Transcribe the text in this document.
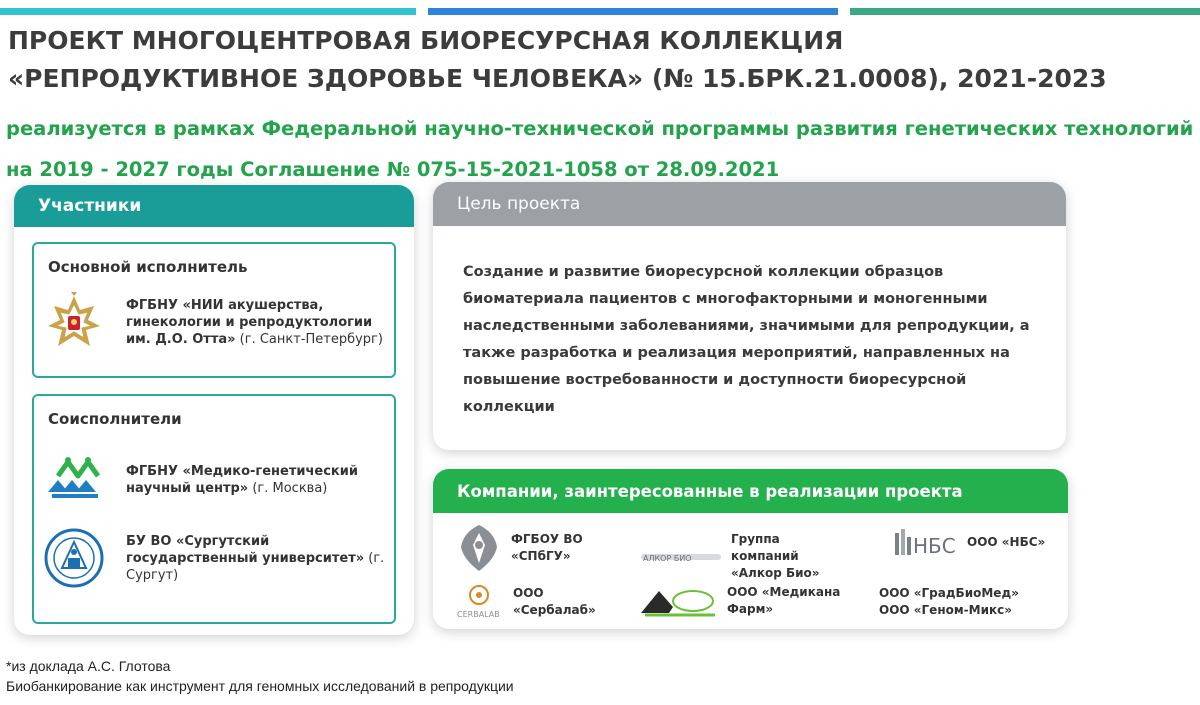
ПРОЕКТ МНОГОЦЕНТРОВАЯ БИОРЕСУРСНАЯ КОЛЛЕКЦИЯ «РЕПРОДУКТИВНОЕ ЗДОРОВЬЕ ЧЕЛОВЕКА» (№ 15.БРК.21.0008), 2021-2023
реализуется в рамках Федеральной научно-технической программы развития генетических технологий на 2019 - 2027 годы Соглашение № 075-15-2021-1058 от 28.09.2021
Участники
Основной исполнитель
ФГБНУ «НИИ акушерства, гинекологии и репродуктологии им. Д.О. Отта» (г. Санкт-Петербург)
Соисполнители
ФГБНУ «Медико-генетический научный центр» (г. Москва)
БУ ВО «Сургутский государственный университет» (г. Сургут)
Цель проекта
Создание и развитие биоресурсной коллекции образцов биоматериала пациентов с многофакторными и моногенными наследственными заболеваниями, значимыми для репродукции, а также разработка и реализация мероприятий, направленных на повышение востребованности и доступности биоресурсной коллекции
Компании, заинтересованные в реализации проекта
ФГБОУ ВО «СПбГУ»	АЛКОР БИО
Группа компаний «Алкор Био»
НБС ООО «НБС»
CERBALAB
ООО «Сербалаб»
ООО «Медикана Фарм»
ООО «ГрадБиоМед» ООО «Геном-Микс»
*из доклада А.С. Глотова
Биобанкирование как инструмент для геномных исследований в репродукции
